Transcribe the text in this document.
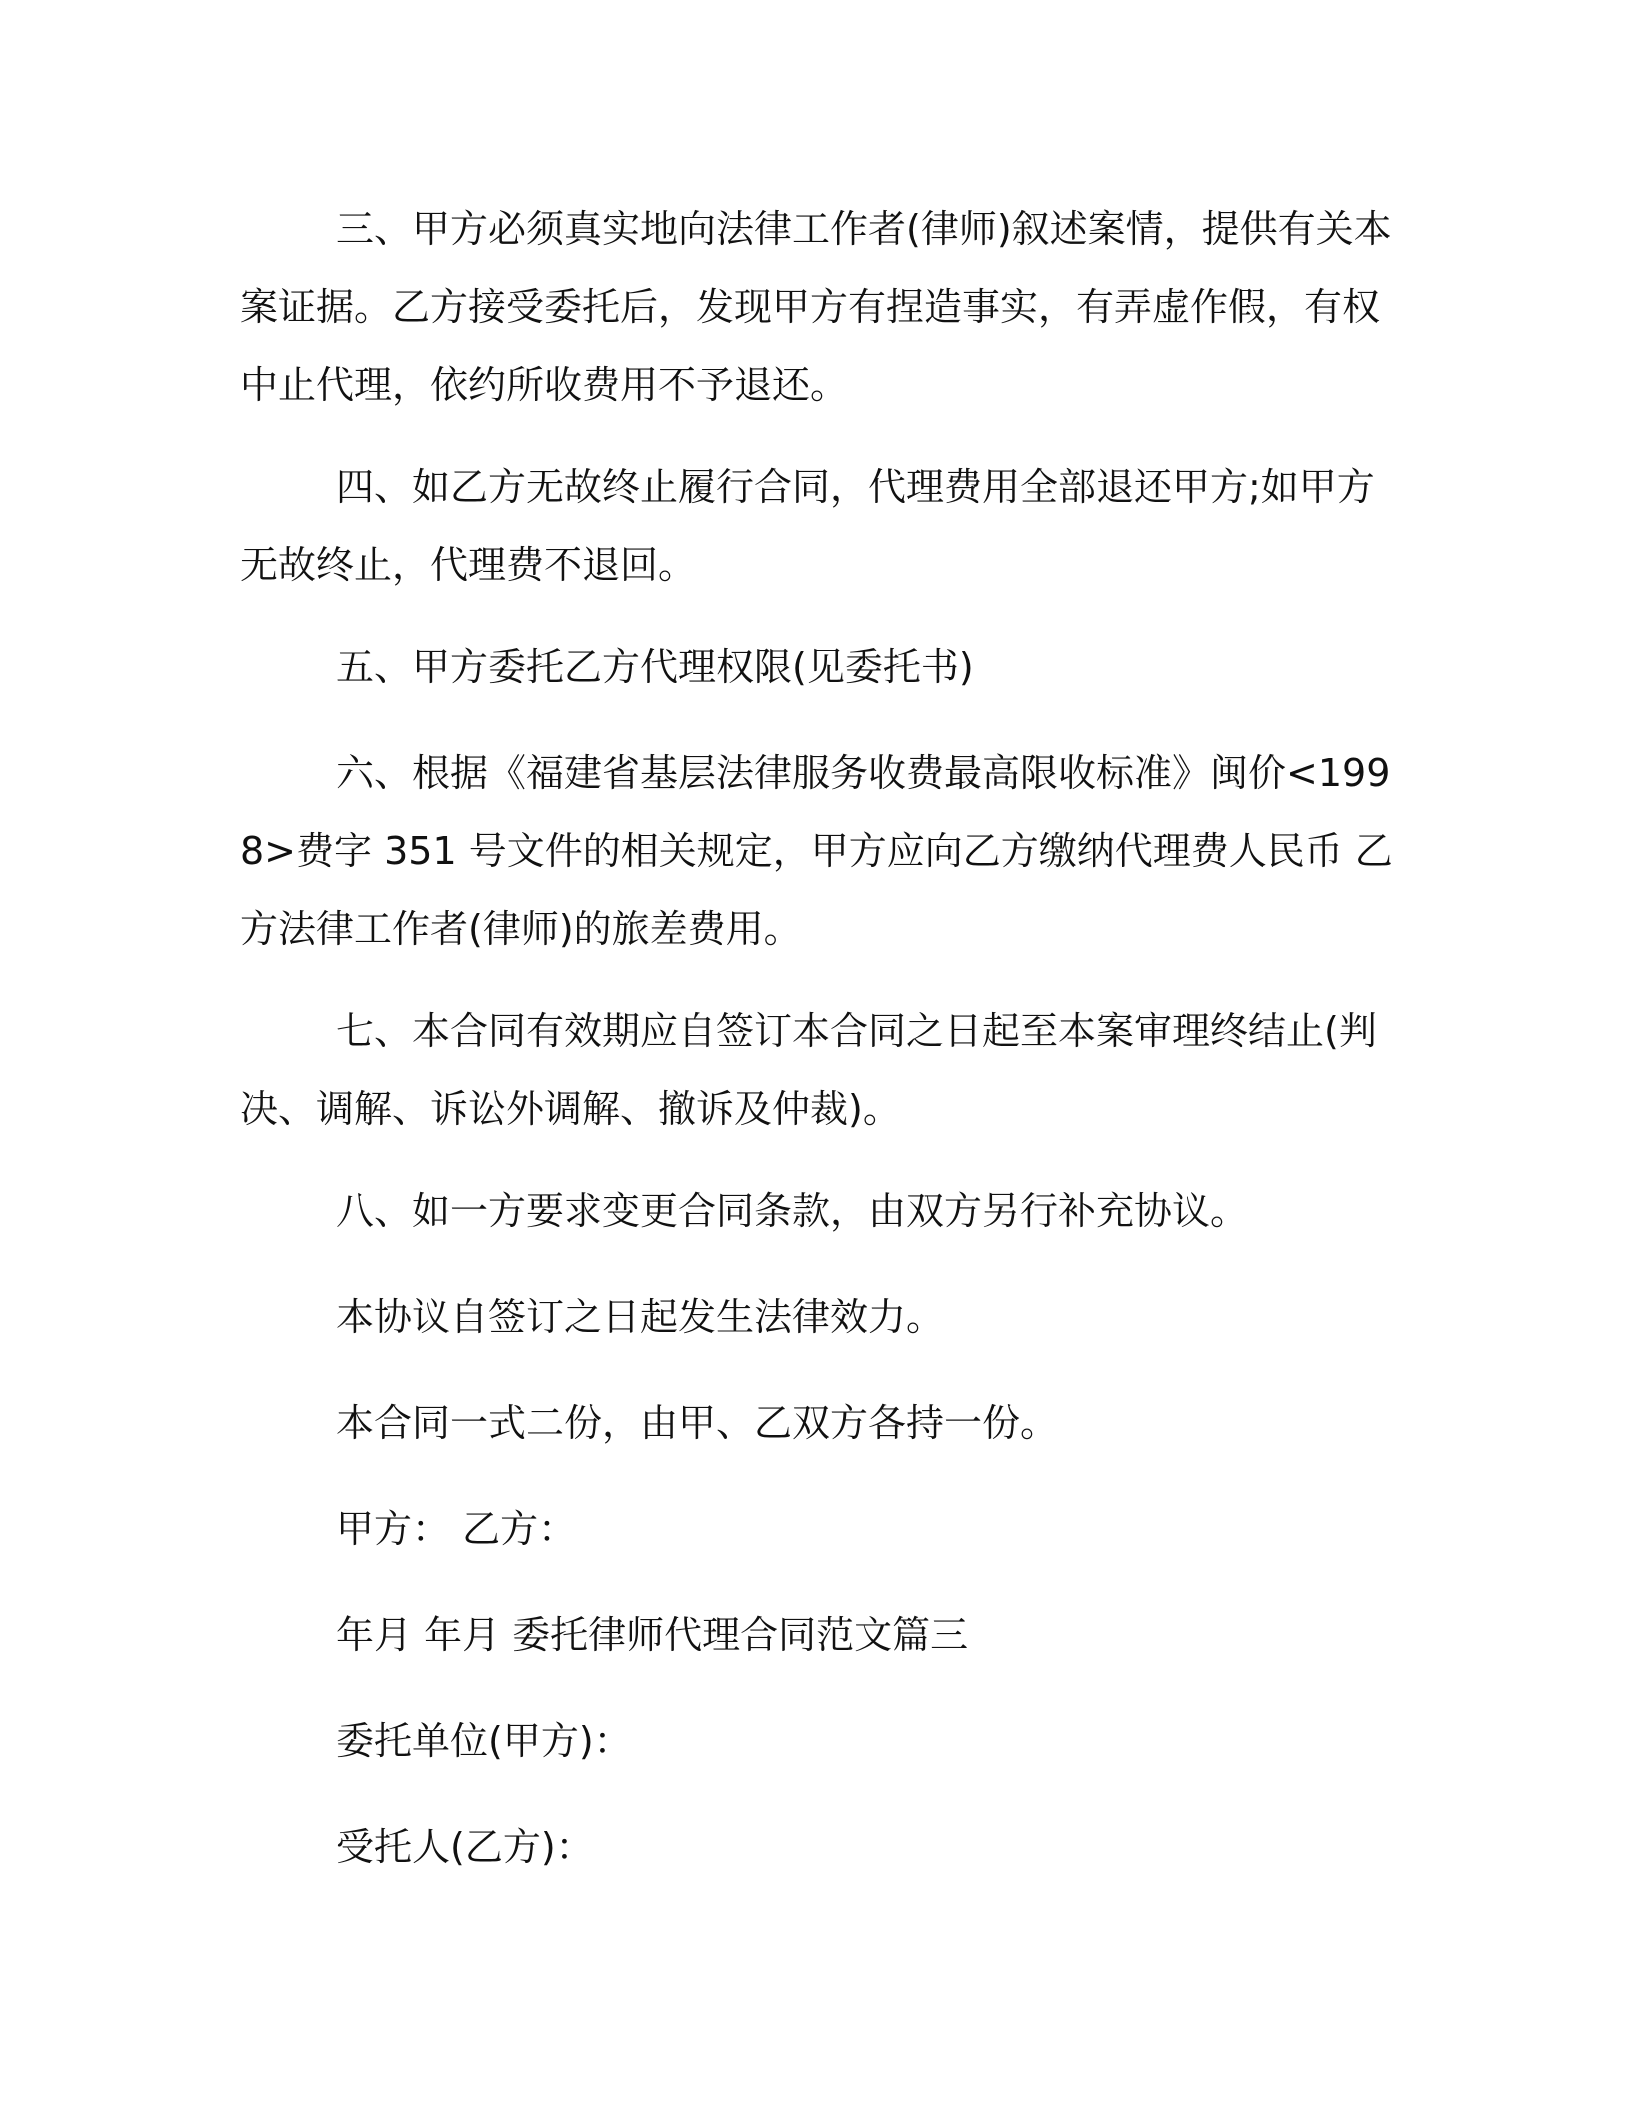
三、甲方必须真实地向法律工作者(律师)叙述案情，提供有关本案证据。乙方接受委托后，发现甲方有捏造事实，有弄虚作假，有权中止代理，依约所收费用不予退还。

四、如乙方无故终止履行合同，代理费用全部退还甲方;如甲方无故终止，代理费不退回。

五、甲方委托乙方代理权限(见委托书)

六、根据《福建省基层法律服务收费最高限收标准》闽价<1998>费字 351 号文件的相关规定，甲方应向乙方缴纳代理费人民币 乙方法律工作者(律师)的旅差费用。

七、本合同有效期应自签订本合同之日起至本案审理终结止(判决、调解、诉讼外调解、撤诉及仲裁)。

八、如一方要求变更合同条款，由双方另行补充协议。

本协议自签订之日起发生法律效力。

本合同一式二份，由甲、乙双方各持一份。

甲方： 乙方：

年月 年月 委托律师代理合同范文篇三

委托单位(甲方)：

受托人(乙方)：
